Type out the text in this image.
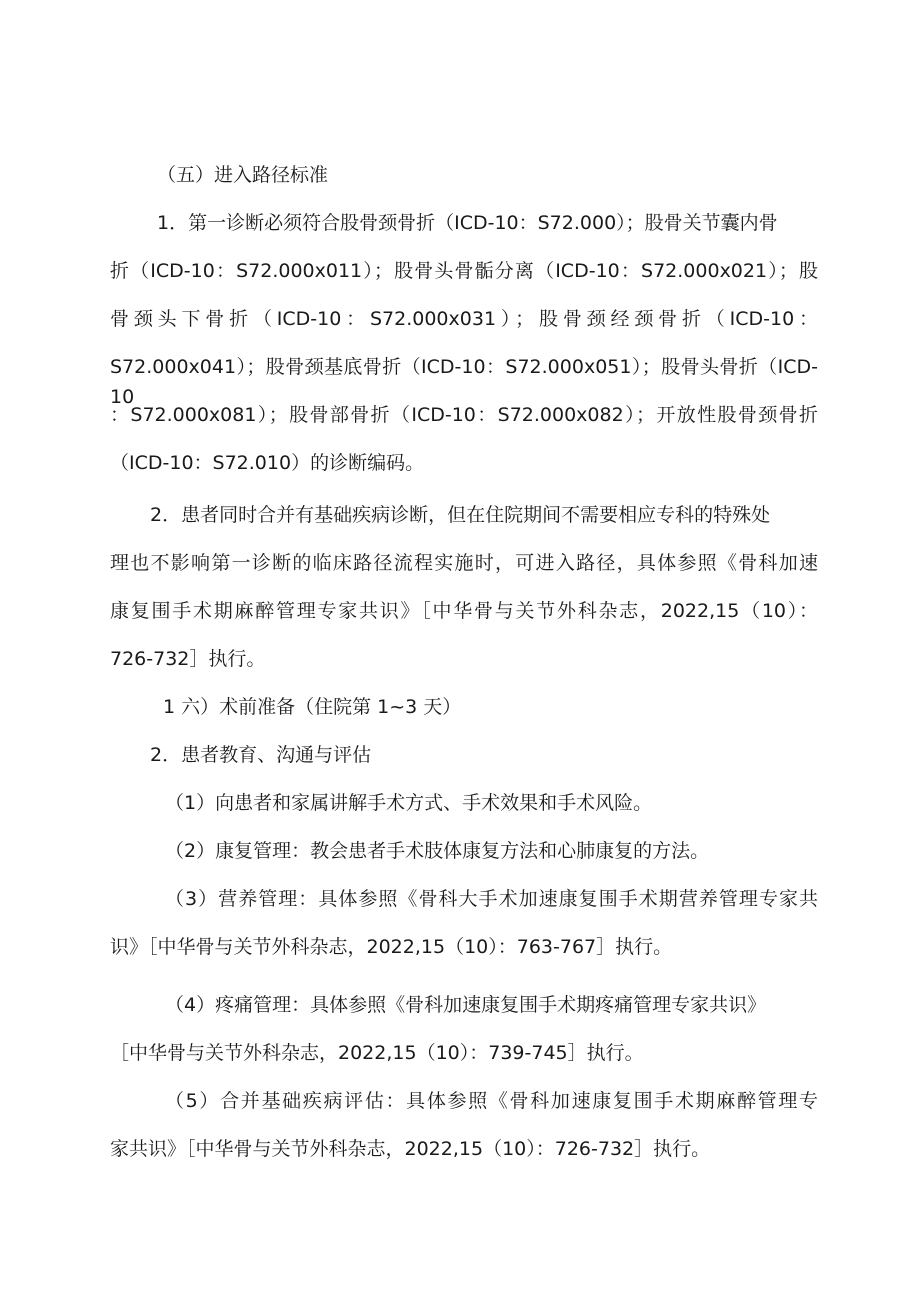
（五）进入路径标准
1．第一诊断必须符合股骨颈骨折（ICD-10：S72.000）；股骨关节囊内骨
折（ICD-10：S72.000x011）；股骨头骨骺分离（ICD-10：S72.000x021）；股
骨颈头下骨折（ICD-10：S72.000x031）；股骨颈经颈骨折（ICD-10：
S72.000x041）；股骨颈基底骨折（ICD-10：S72.000x051）；股骨头骨折（ICD-10
：S72.000x081）；股骨部骨折（ICD-10：S72.000x082）；开放性股骨颈骨折
（ICD-10：S72.010）的诊断编码。
2．患者同时合并有基础疾病诊断，但在住院期间不需要相应专科的特殊处
理也不影响第一诊断的临床路径流程实施时，可进入路径，具体参照《骨科加速
康复围手术期麻醉管理专家共识》［中华骨与关节外科杂志，2022,15（10）：
726-732］执行。
1 六）术前准备（住院第 1~3 天）
2．患者教育、沟通与评估
（1）向患者和家属讲解手术方式、手术效果和手术风险。
（2）康复管理：教会患者手术肢体康复方法和心肺康复的方法。
（3）营养管理：具体参照《骨科大手术加速康复围手术期营养管理专家共
识》［中华骨与关节外科杂志，2022,15（10）：763-767］执行。
（4）疼痛管理：具体参照《骨科加速康复围手术期疼痛管理专家共识》
［中华骨与关节外科杂志，2022,15（10）：739-745］执行。
（5）合并基础疾病评估：具体参照《骨科加速康复围手术期麻醉管理专
家共识》［中华骨与关节外科杂志，2022,15（10）：726-732］执行。
